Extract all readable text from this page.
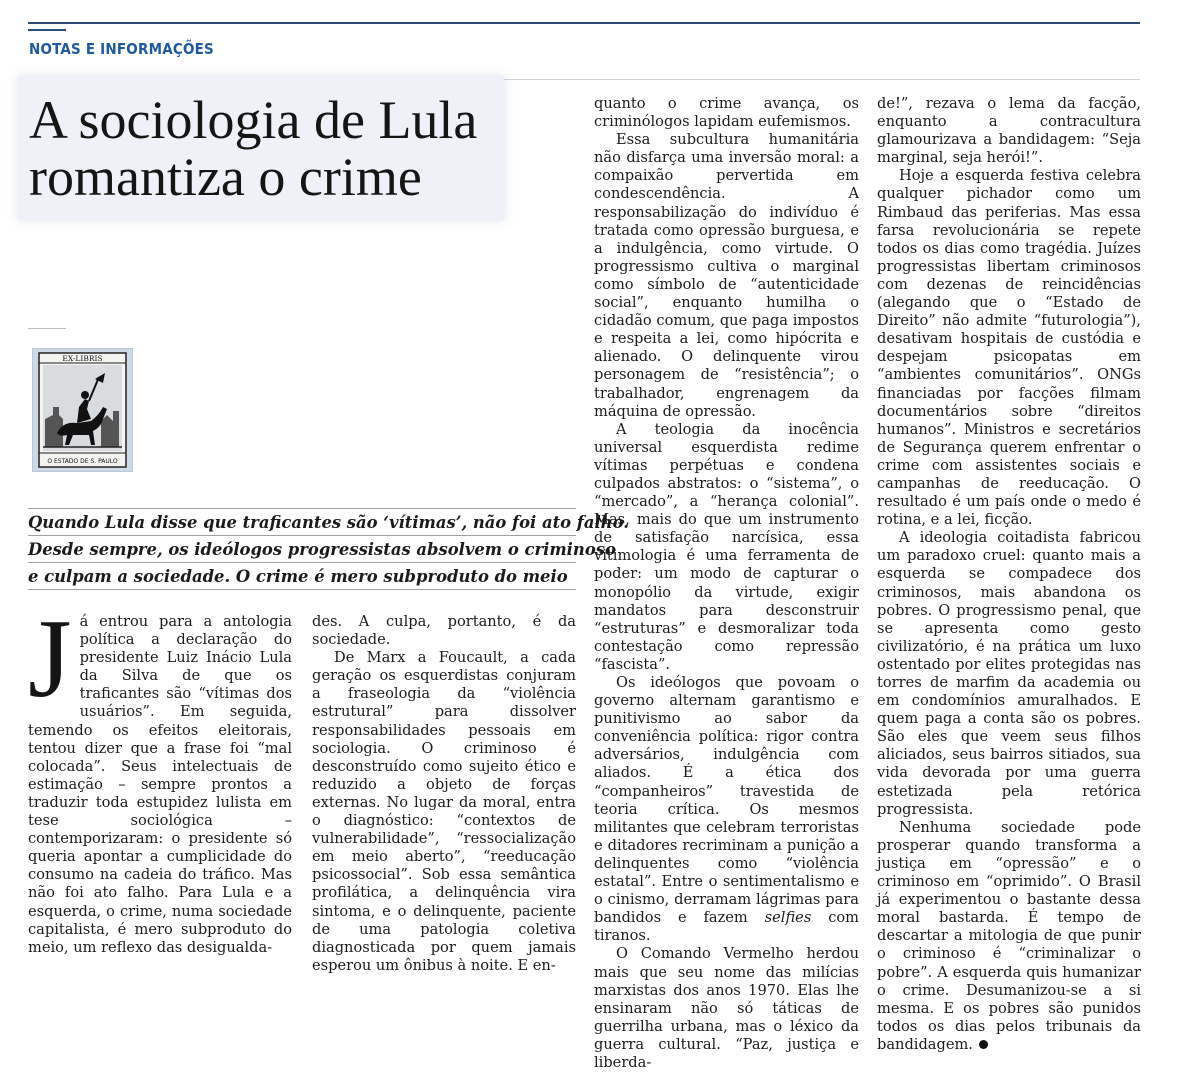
NOTAS E INFORMAÇÕES
A sociologia de Lula
romantiza o crime
EX-LIBRIS
O ESTADO DE S. PAULO
Quando Lula disse que traficantes são ‘vítimas’, não foi ato falho.
Desde sempre, os ideólogos progressistas absolvem o criminoso
e culpam a sociedade. O crime é mero subproduto do meio
J á entrou para a antologia política a declaração do presidente Luiz Inácio Lula da Silva de que os traficantes são “vítimas dos usuários”. Em seguida, temendo os efeitos eleitorais, tentou dizer que a frase foi “mal colocada”. Seus intelectuais de estimação – sempre prontos a traduzir toda estupidez lulista em tese sociológica – contemporizaram: o presidente só queria apontar a cumplicidade do consumo na cadeia do tráfico. Mas não foi ato falho. Para Lula e a esquerda, o crime, numa sociedade capitalista, é mero subproduto do meio, um reflexo das desigualda-

des. A culpa, portanto, é da sociedade.

De Marx a Foucault, a cada geração os esquerdistas conjuram a fraseologia da “violência estrutural” para dissolver responsabilidades pessoais em sociologia. O criminoso é desconstruído como sujeito ético e reduzido a objeto de forças externas. No lugar da moral, entra o diagnóstico: “contextos de vulnerabilidade”, “ressocialização em meio aberto”, “reeducação psicossocial”. Sob essa semântica profilática, a delinquência vira sintoma, e o delinquente, paciente de uma patologia coletiva diagnosticada por quem jamais esperou um ônibus à noite. E en-

quanto o crime avança, os criminólogos lapidam eufemismos.

Essa subcultura humanitária não disfarça uma inversão moral: a compaixão pervertida em condescendência. A responsabilização do indivíduo é tratada como opressão burguesa, e a indulgência, como virtude. O progressismo cultiva o marginal como símbolo de “autenticidade social”, enquanto humilha o cidadão comum, que paga impostos e respeita a lei, como hipócrita e alienado. O delinquente virou personagem de “resistência”; o trabalhador, engrenagem da máquina de opressão.

A teologia da inocência universal esquerdista redime vítimas perpétuas e condena culpados abstratos: o “sistema”, o “mercado”, a “herança colonial”. Mas, mais do que um instrumento de satisfação narcísica, essa vitimologia é uma ferramenta de poder: um modo de capturar o monopólio da virtude, exigir mandatos para desconstruir “estruturas” e desmoralizar toda contestação como repressão “fascista”.

Os ideólogos que povoam o governo alternam garantismo e punitivismo ao sabor da conveniência política: rigor contra adversários, indulgência com aliados. É a ética dos “companheiros” travestida de teoria crítica. Os mesmos militantes que celebram terroristas e ditadores recriminam a punição a delinquentes como “violência estatal”. Entre o sentimentalismo e o cinismo, derramam lágrimas para bandidos e fazem selfies com tiranos.

O Comando Vermelho herdou mais que seu nome das milícias marxistas dos anos 1970. Elas lhe ensinaram não só táticas de guerrilha urbana, mas o léxico da guerra cultural. “Paz, justiça e liberda-

de!”, rezava o lema da facção, enquanto a contracultura glamourizava a bandidagem: “Seja marginal, seja herói!”.

Hoje a esquerda festiva celebra qualquer pichador como um Rimbaud das periferias. Mas essa farsa revolucionária se repete todos os dias como tragédia. Juízes progressistas libertam criminosos com dezenas de reincidências (alegando que o “Estado de Direito” não admite “futurologia”), desativam hospitais de custódia e despejam psicopatas em “ambientes comunitários”. ONGs financiadas por facções filmam documentários sobre “direitos humanos”. Ministros e secretários de Segurança querem enfrentar o crime com assistentes sociais e campanhas de reeducação. O resultado é um país onde o medo é rotina, e a lei, ficção.

A ideologia coitadista fabricou um paradoxo cruel: quanto mais a esquerda se compadece dos criminosos, mais abandona os pobres. O progressismo penal, que se apresenta como gesto civilizatório, é na prática um luxo ostentado por elites protegidas nas torres de marfim da academia ou em condomínios amuralhados. E quem paga a conta são os pobres. São eles que veem seus filhos aliciados, seus bairros sitiados, sua vida devorada por uma guerra estetizada pela retórica progressista.

Nenhuma sociedade pode prosperar quando transforma a justiça em “opressão” e o criminoso em “oprimido”. O Brasil já experimentou o bastante dessa moral bastarda. É tempo de descartar a mitologia de que punir o criminoso é “criminalizar o pobre”. A esquerda quis humanizar o crime. Desumanizou-se a si mesma. E os pobres são punidos todos os dias pelos tribunais da bandidagem.
